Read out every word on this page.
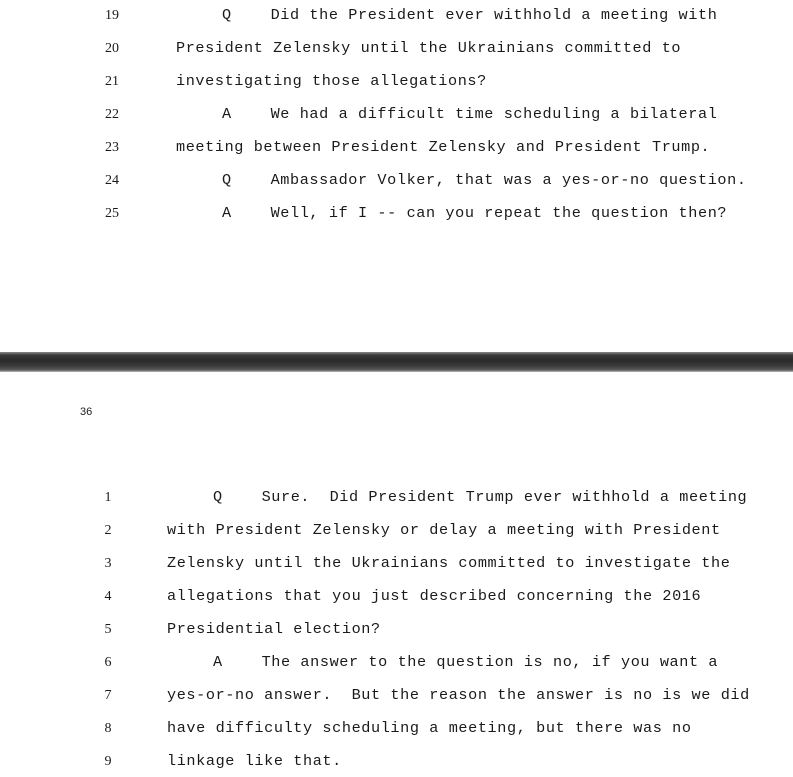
19	Q    Did the President ever withhold a meeting with
20	President Zelensky until the Ukrainians committed to
21	investigating those allegations?
22	A    We had a difficult time scheduling a bilateral
23	meeting between President Zelensky and President Trump.
24	Q    Ambassador Volker, that was a yes-or-no question.
25	A    Well, if I -- can you repeat the question then?
36
1	Q    Sure.  Did President Trump ever withhold a meeting
2	with President Zelensky or delay a meeting with President
3	Zelensky until the Ukrainians committed to investigate the
4	allegations that you just described concerning the 2016
5	Presidential election?
6	A    The answer to the question is no, if you want a
7	yes-or-no answer.  But the reason the answer is no is we did
8	have difficulty scheduling a meeting, but there was no
9	linkage like that.
